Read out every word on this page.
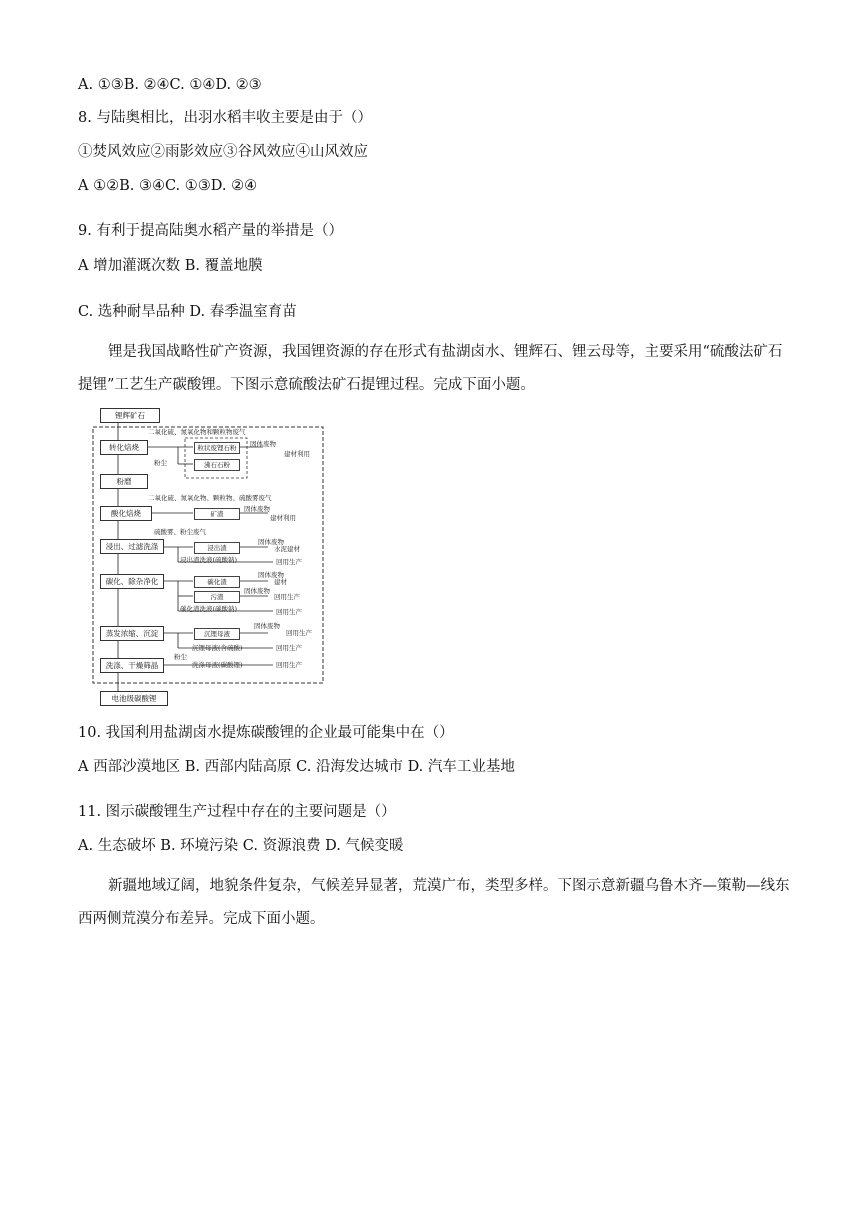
A. ①③B. ②④C. ①④D. ②③
8. 与陆奥相比，出羽水稻丰收主要是由于（）
①焚风效应②雨影效应③谷风效应④山风效应
A ①②B. ③④C. ①③D. ②④
9. 有利于提高陆奥水稻产量的举措是（）
A 增加灌溉次数 B. 覆盖地膜
C. 选种耐旱品种 D. 春季温室育苗
锂是我国战略性矿产资源，我国锂资源的存在形式有盐湖卤水、锂辉石、锂云母等，主要采用“硫酸法矿石提锂”工艺生产碳酸锂。下图示意硫酸法矿石提锂过程。完成下面小题。
锂辉矿石
转化焙烧
粉磨
酸化焙烧
浸出、过滤洗涤
碳化、除杂净化
蒸发浓缩、沉淀
洗涤、干燥筛晶
电池级碳酸锂
粒状废锂石粉
沸石石粉
矿渣
浸出渣
碳化渣
污渣
沉锂母液
二氧化硫、氮氧化物和颗粒物废气
固体废物
建材利用
粉尘
二氧化硫、氮氧化物、颗粒物、硫酸雾废气
固体废物
建材利用
硫酸雾、粉尘废气
固体废物
水泥建材
浸出渣洗液(硫酸钠)	回用生产
固体废物
建材
固体废物
回用生产
碳化渣洗液(碳酸钠)	回用生产
固体废物
回用生产
沉锂母液(含硫酸)	回用生产
粉尘
洗涤母液(碳酸锂)	回用生产
10. 我国利用盐湖卤水提炼碳酸锂的企业最可能集中在（）
A 西部沙漠地区 B. 西部内陆高原 C. 沿海发达城市 D. 汽车工业基地
11. 图示碳酸锂生产过程中存在的主要问题是（）
A. 生态破坏 B. 环境污染 C. 资源浪费 D. 气候变暖
新疆地域辽阔，地貌条件复杂，气候差异显著，荒漠广布，类型多样。下图示意新疆乌鲁木齐—策勒—线东西两侧荒漠分布差异。完成下面小题。
